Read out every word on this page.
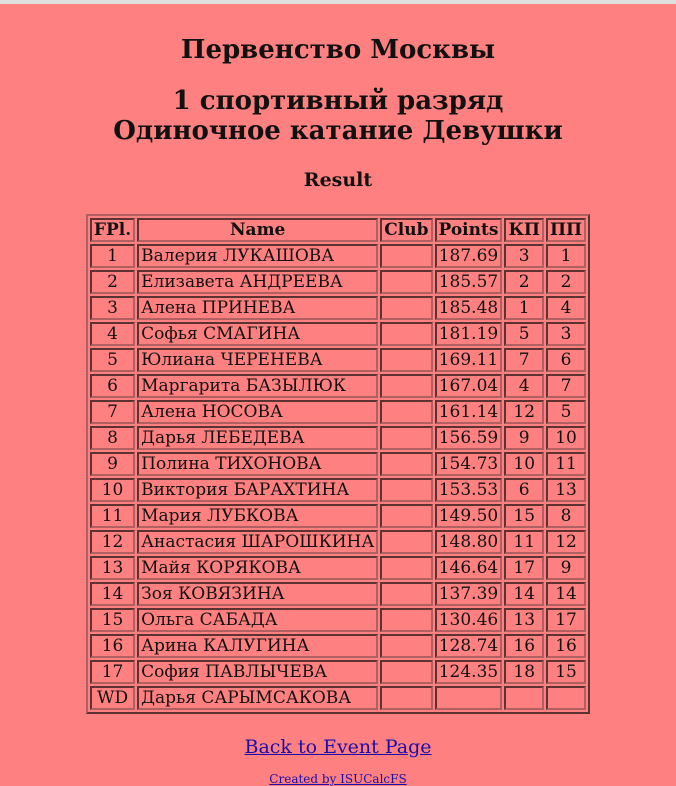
Первенство Москвы
1 спортивный разряд
Одиночное катание Девушки
Result
FPl.	Name	Club	Points	КП	ПП
1	Валерия ЛУКАШОВА		187.69	3	1
2	Елизавета АНДРЕЕВА		185.57	2	2
3	Алена ПРИНЕВА		185.48	1	4
4	Софья СМАГИНА		181.19	5	3
5	Юлиана ЧЕРЕНЕВА		169.11	7	6
6	Маргарита БАЗЫЛЮК		167.04	4	7
7	Алена НОСОВА		161.14	12	5
8	Дарья ЛЕБЕДЕВА		156.59	9	10
9	Полина ТИХОНОВА		154.73	10	11
10	Виктория БАРАХТИНА		153.53	6	13
11	Мария ЛУБКОВА		149.50	15	8
12	Анастасия ШАРОШКИНА		148.80	11	12
13	Майя КОРЯКОВА		146.64	17	9
14	Зоя КОВЯЗИНА		137.39	14	14
15	Ольга САБАДА		130.46	13	17
16	Арина КАЛУГИНА		128.74	16	16
17	София ПАВЛЫЧЕВА		124.35	18	15
WD	Дарья САРЫМСАКОВА				
Back to Event Page
Created by ISUCalcFS
